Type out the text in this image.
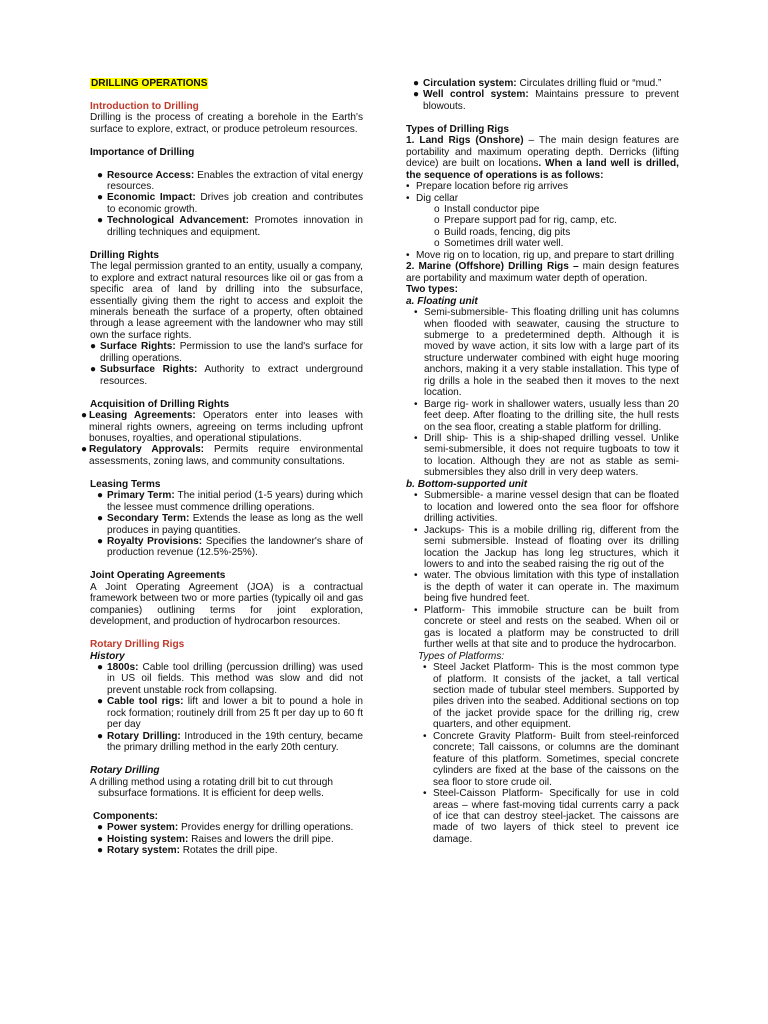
DRILLING OPERATIONS

Introduction to Drilling

Drilling is the process of creating a borehole in the Earth's surface to explore, extract, or produce petroleum resources.

Importance of Drilling

● Resource Access: Enables the extraction of vital energy resources.
● Economic Impact: Drives job creation and contributes to economic growth.
● Technological Advancement: Promotes innovation in drilling techniques and equipment.

Drilling Rights

The legal permission granted to an entity, usually a company, to explore and extract natural resources like oil or gas from a specific area of land by drilling into the subsurface, essentially giving them the right to access and exploit the minerals beneath the surface of a property, often obtained through a lease agreement with the landowner who may still own the surface rights.

● Surface Rights: Permission to use the land's surface for drilling operations.
● Subsurface Rights: Authority to extract underground resources.

Acquisition of Drilling Rights

● Leasing Agreements: Operators enter into leases with mineral rights owners, agreeing on terms including upfront bonuses, royalties, and operational stipulations.
● Regulatory Approvals: Permits require environmental assessments, zoning laws, and community consultations.

Leasing Terms

● Primary Term: The initial period (1-5 years) during which the lessee must commence drilling operations.
● Secondary Term: Extends the lease as long as the well produces in paying quantities.
● Royalty Provisions: Specifies the landowner's share of production revenue (12.5%-25%).

Joint Operating Agreements

A Joint Operating Agreement (JOA) is a contractual framework between two or more parties (typically oil and gas companies) outlining terms for joint exploration, development, and production of hydrocarbon resources.

Rotary Drilling Rigs

History

● 1800s: Cable tool drilling (percussion drilling) was used in US oil fields. This method was slow and did not prevent unstable rock from collapsing.
● Cable tool rigs: lift and lower a bit to pound a hole in rock formation; routinely drill from 25 ft per day up to 60 ft per day
● Rotary Drilling: Introduced in the 19th century, became the primary drilling method in the early 20th century.

Rotary Drilling

A drilling method using a rotating drill bit to cut through

subsurface formations. It is efficient for deep wells.

Components:

● Power system: Provides energy for drilling operations.
● Hoisting system: Raises and lowers the drill pipe.
● Rotary system: Rotates the drill pipe.
● Circulation system: Circulates drilling fluid or “mud.”
● Well control system: Maintains pressure to prevent blowouts.

Types of Drilling Rigs

1. Land Rigs (Onshore) – The main design features are portability and maximum operating depth. Derricks (lifting device) are built on locations. When a land well is drilled, the sequence of operations is as follows:

• Prepare location before rig arrives
• Dig cellar
o Install conductor pipe
o Prepare support pad for rig, camp, etc.
o Build roads, fencing, dig pits
o Sometimes drill water well.
• Move rig on to location, rig up, and prepare to start drilling

2. Marine (Offshore) Drilling Rigs – main design features are portability and maximum water depth of operation.

Two types:

a. Floating unit

• Semi-submersible- This floating drilling unit has columns when flooded with seawater, causing the structure to submerge to a predetermined depth. Although it is moved by wave action, it sits low with a large part of its structure underwater combined with eight huge mooring anchors, making it a very stable installation. This type of rig drills a hole in the seabed then it moves to the next location.
• Barge rig- work in shallower waters, usually less than 20 feet deep. After floating to the drilling site, the hull rests on the sea floor, creating a stable platform for drilling.
• Drill ship- This is a ship-shaped drilling vessel. Unlike semi-submersible, it does not require tugboats to tow it to location. Although they are not as stable as semi-submersibles they also drill in very deep waters.

b. Bottom-supported unit

• Submersible- a marine vessel design that can be floated to location and lowered onto the sea floor for offshore drilling activities.
• Jackups- This is a mobile drilling rig, different from the semi submersible. Instead of floating over its drilling location the Jackup has long leg structures, which it lowers to and into the seabed raising the rig out of the
• water. The obvious limitation with this type of installation is the depth of water it can operate in. The maximum being five hundred feet.
• Platform- This immobile structure can be built from concrete or steel and rests on the seabed. When oil or gas is located a platform may be constructed to drill further wells at that site and to produce the hydrocarbon.

Types of Platforms:

• Steel Jacket Platform- This is the most common type of platform. It consists of the jacket, a tall vertical section made of tubular steel members. Supported by piles driven into the seabed. Additional sections on top of the jacket provide space for the drilling rig, crew quarters, and other equipment.
• Concrete Gravity Platform- Built from steel-reinforced concrete; Tall caissons, or columns are the dominant feature of this platform. Sometimes, special concrete cylinders are fixed at the base of the caissons on the sea floor to store crude oil.
• Steel-Caisson Platform- Specifically for use in cold areas – where fast-moving tidal currents carry a pack of ice that can destroy steel-jacket. The caissons are made of two layers of thick steel to prevent ice damage.
